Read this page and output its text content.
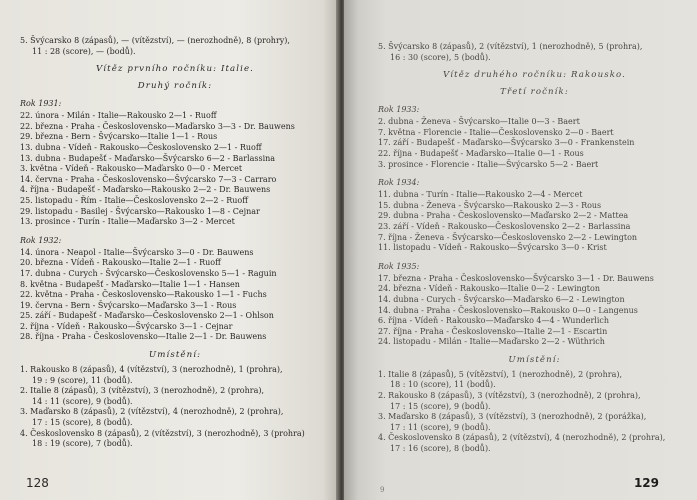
5. Švýcarsko 8 (zápasů), — (vítězství), — (nerozhodně), 8 (prohry),
11 : 28 (score), — (bodů).
Vítěz prvního ročníku: Italie.
Druhý ročník:
Rok 1931:
22. února - Milán - Italie—Rakousko 2—1 - Ruoff
22. března - Praha - Československo—Maďarsko 3—3 - Dr. Bauwens
29. března - Bern - Švýcarsko—Italie 1—1 - Rous
13. dubna - Vídeň - Rakousko—Československo 2—1 - Ruoff
13. dubna - Budapešť - Maďarsko—Švýcarsko 6—2 - Barlassina
3. května - Vídeň - Rakousko—Maďarsko 0—0 - Mercet
14. června - Praha - Československo—Švýcarsko 7—3 - Carraro
4. října - Budapešť - Maďarsko—Rakousko 2—2 - Dr. Bauwens
25. listopadu - Řím - Italie—Československo 2—2 - Ruoff
29. listopadu - Basilej - Švýcarsko—Rakousko 1—8 - Cejnar
13. prosince - Turín - Italie—Maďarsko 3—2 - Mercet
Rok 1932:
14. února - Neapol - Italie—Švýcarsko 3—0 - Dr. Bauwens
20. března - Vídeň - Rakousko—Italie 2—1 - Ruoff
17. dubna - Curych - Švýcarsko—Československo 5—1 - Raguin
8. května - Budapešť - Maďarsko—Italie 1—1 - Hansen
22. května - Praha - Československo—Rakousko 1—1 - Fuchs
19. června - Bern - Švýcarsko—Maďarsko 3—1 - Rous
25. září - Budapešť - Maďarsko—Československo 2—1 - Ohlson
2. října - Vídeň - Rakousko—Švýcarsko 3—1 - Cejnar
28. října - Praha - Československo—Italie 2—1 - Dr. Bauwens
Umístění:
1. Rakousko 8 (zápasů), 4 (vítězství), 3 (nerozhodně), 1 (prohra),
19 : 9 (score), 11 (bodů).
2. Italie 8 (zápasů), 3 (vítězství), 3 (nerozhodně), 2 (prohra),
14 : 11 (score), 9 (bodů).
3. Maďarsko 8 (zápasů), 2 (vítězství), 4 (nerozhodně), 2 (prohra),
17 : 15 (score), 8 (bodů).
4. Československo 8 (zápasů), 2 (vítězství), 3 (nerozhodně), 3 (prohra)
18 : 19 (score), 7 (bodů).
128
5. Švýcarsko 8 (zápasů), 2 (vítězství), 1 (nerozhodně), 5 (prohra),
16 : 30 (score), 5 (bodů).
Vítěz druhého ročníku: Rakousko.
Třetí ročník:
Rok 1933:
2. dubna - Ženeva - Švýcarsko—Italie 0—3 - Baert
7. května - Florencie - Italie—Československo 2—0 - Baert
17. září - Budapešť - Maďarsko—Švýcarsko 3—0 - Frankenstein
22. října - Budapešť - Maďarsko—Italie 0—1 - Rous
3. prosince - Florencie - Italie—Švýcarsko 5—2 - Baert
Rok 1934:
11. dubna - Turín - Italie—Rakousko 2—4 - Mercet
15. dubna - Ženeva - Švýcarsko—Rakousko 2—3 - Rous
29. dubna - Praha - Československo—Maďarsko 2—2 - Mattea
23. září - Vídeň - Rakousko—Československo 2—2 - Barlassina
7. října - Ženeva - Švýcarsko—Československo 2—2 - Lewington
11. listopadu - Vídeň - Rakousko—Švýcarsko 3—0 - Krist
Rok 1935:
17. března - Praha - Československo—Švýcarsko 3—1 - Dr. Bauwens
24. března - Vídeň - Rakousko—Italie 0—2 - Lewington
14. dubna - Curych - Švýcarsko—Maďarsko 6—2 - Lewington
14. dubna - Praha - Československo—Rakousko 0—0 - Langenus
6. října - Vídeň - Rakousko—Maďarsko 4—4 - Wunderlich
27. října - Praha - Československo—Italie 2—1 - Escartin
24. listopadu - Milán - Italie—Maďarsko 2—2 - Wüthrich
Umístění:
1. Italie 8 (zápasů), 5 (vítězství), 1 (nerozhodně), 2 (prohra),
18 : 10 (score), 11 (bodů).
2. Rakousko 8 (zápasů), 3 (vítězství), 3 (nerozhodně), 2 (prohra),
17 : 15 (score), 9 (bodů).
3. Maďarsko 8 (zápasů), 3 (vítězství), 3 (nerozhodně), 2 (porážka),
17 : 11 (score), 9 (bodů).
4. Československo 8 (zápasů), 2 (vítězství), 4 (nerozhodně), 2 (prohra),
17 : 16 (score), 8 (bodů).
129
9
